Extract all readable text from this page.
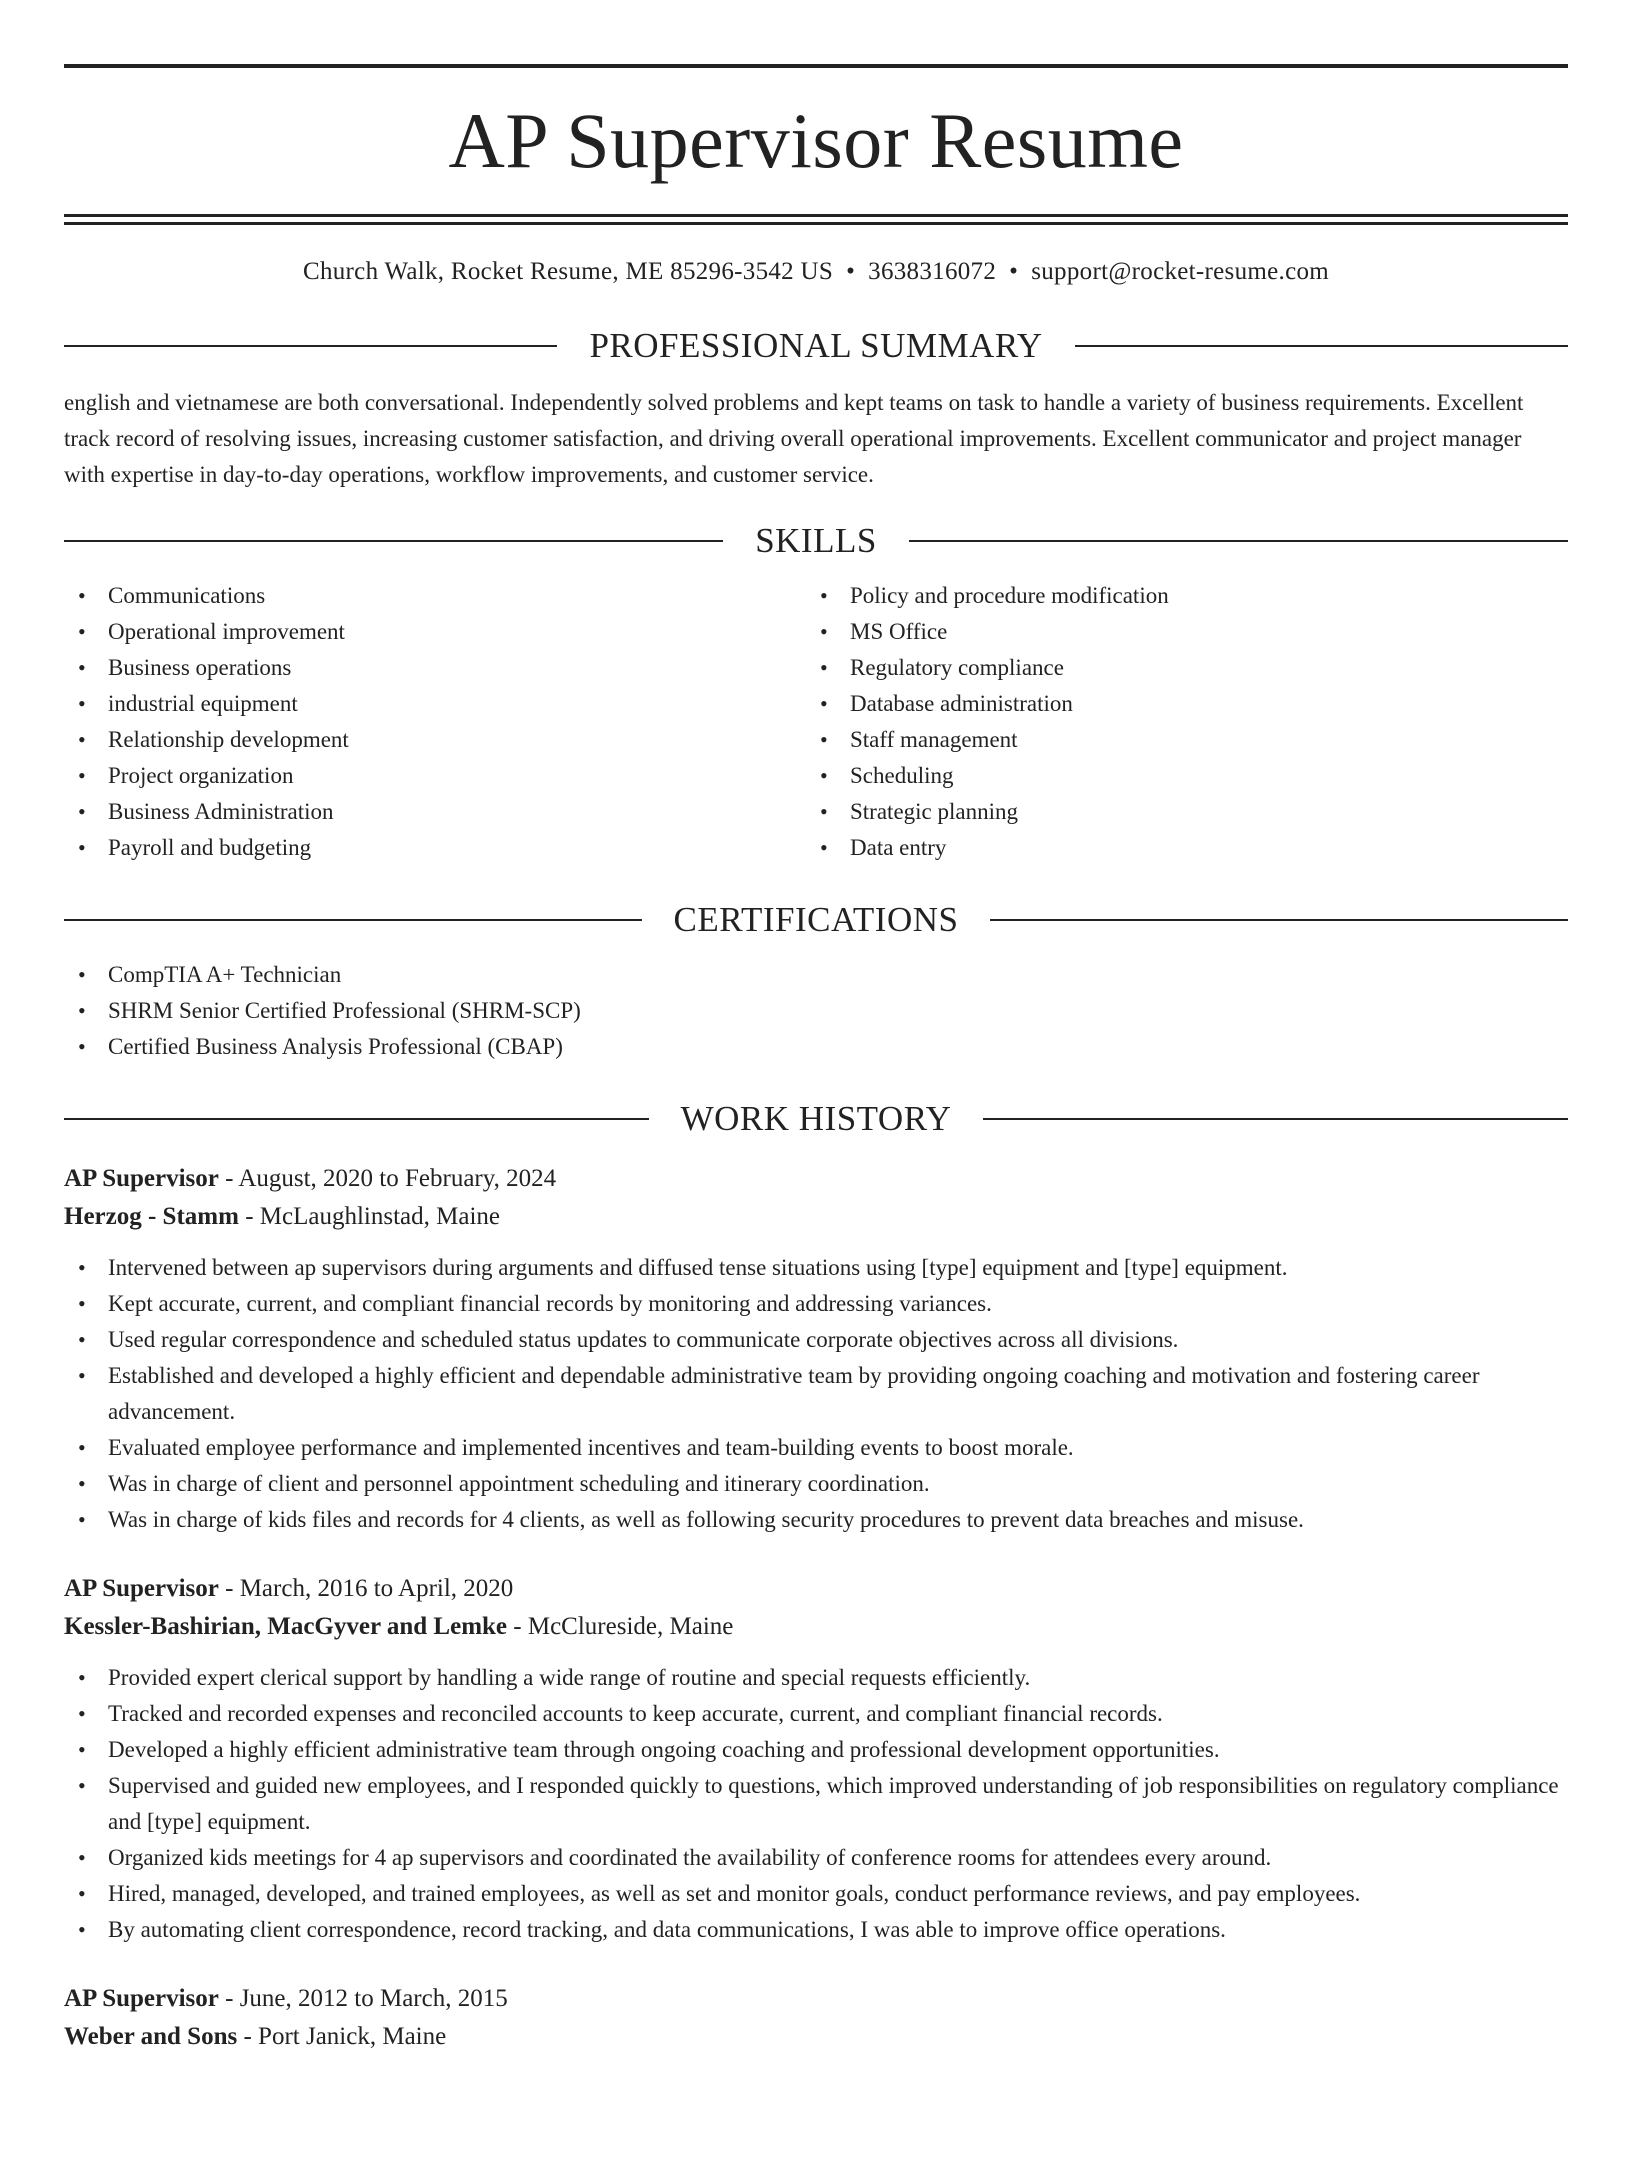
AP Supervisor Resume
Church Walk, Rocket Resume, ME 85296-3542 US • 3638316072 • support@rocket-resume.com
PROFESSIONAL SUMMARY

english and vietnamese are both conversational. Independently solved problems and kept teams on task to handle a variety of business requirements. Excellent track record of resolving issues, increasing customer satisfaction, and driving overall operational improvements. Excellent communicator and project manager with expertise in day-to-day operations, workflow improvements, and customer service.

SKILLS
• Communications
• Operational improvement
• Business operations
• industrial equipment
• Relationship development
• Project organization
• Business Administration
• Payroll and budgeting
• Policy and procedure modification
• MS Office
• Regulatory compliance
• Database administration
• Staff management
• Scheduling
• Strategic planning
• Data entry
CERTIFICATIONS
• CompTIA A+ Technician
• SHRM Senior Certified Professional (SHRM-SCP)
• Certified Business Analysis Professional (CBAP)
WORK HISTORY
AP Supervisor - August, 2020 to February, 2024
Herzog - Stamm - McLaughlinstad, Maine
• Intervened between ap supervisors during arguments and diffused tense situations using [type] equipment and [type] equipment.
• Kept accurate, current, and compliant financial records by monitoring and addressing variances.
• Used regular correspondence and scheduled status updates to communicate corporate objectives across all divisions.
• Established and developed a highly efficient and dependable administrative team by providing ongoing coaching and motivation and fostering career advancement.
• Evaluated employee performance and implemented incentives and team-building events to boost morale.
• Was in charge of client and personnel appointment scheduling and itinerary coordination.
• Was in charge of kids files and records for 4 clients, as well as following security procedures to prevent data breaches and misuse.
AP Supervisor - March, 2016 to April, 2020
Kessler-Bashirian, MacGyver and Lemke - McClureside, Maine
• Provided expert clerical support by handling a wide range of routine and special requests efficiently.
• Tracked and recorded expenses and reconciled accounts to keep accurate, current, and compliant financial records.
• Developed a highly efficient administrative team through ongoing coaching and professional development opportunities.
• Supervised and guided new employees, and I responded quickly to questions, which improved understanding of job responsibilities on regulatory compliance and [type] equipment.
• Organized kids meetings for 4 ap supervisors and coordinated the availability of conference rooms for attendees every around.
• Hired, managed, developed, and trained employees, as well as set and monitor goals, conduct performance reviews, and pay employees.
• By automating client correspondence, record tracking, and data communications, I was able to improve office operations.
AP Supervisor - June, 2012 to March, 2015
Weber and Sons - Port Janick, Maine
